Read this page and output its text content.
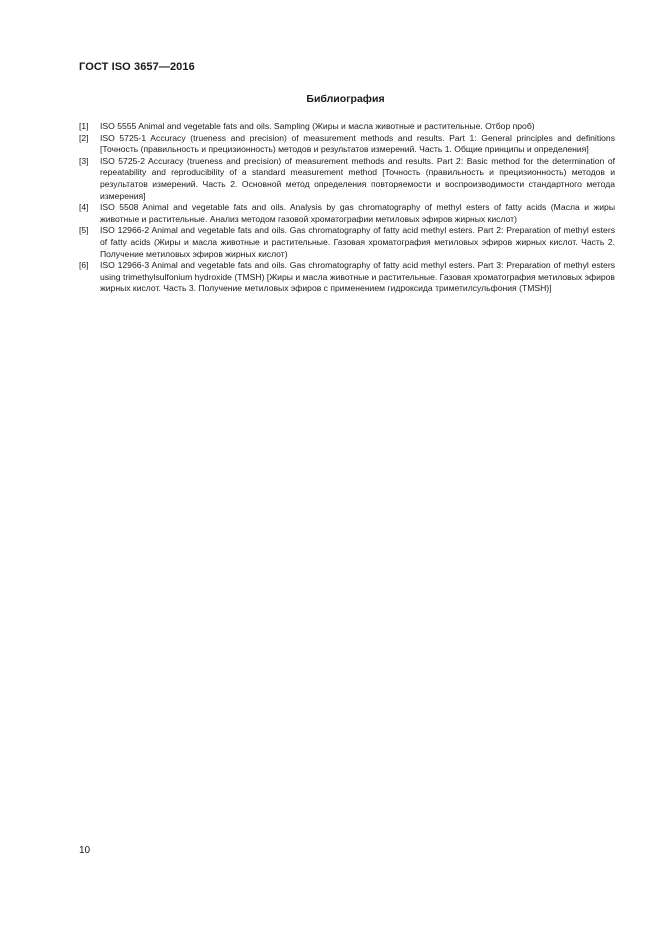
ГОСТ ISO 3657—2016
Библиография

[1] ISO 5555 Animal and vegetable fats and oils. Sampling (Жиры и масла животные и растительные. Отбор проб)

[2] ISO 5725-1 Accuracy (trueness and precision) of measurement methods and results. Part 1: General principles and definitions [Точность (правильность и прецизионность) методов и результатов измерений. Часть 1. Общие принципы и определения]

[3] ISO 5725-2 Accuracy (trueness and precision) of measurement methods and results. Part 2: Basic method for the determination of repeatability and reproducibility of a standard measurement method [Точность (правильность и прецизионность) методов и результатов измерений. Часть 2. Основной метод определения повторяемости и воспроизводимости стандартного метода измерения]

[4] ISO 5508 Animal and vegetable fats and oils. Analysis by gas chromatography of methyl esters of fatty acids (Масла и жиры животные и растительные. Анализ методом газовой хроматографии метиловых эфиров жирных кислот)

[5] ISO 12966-2 Animal and vegetable fats and oils. Gas chromatography of fatty acid methyl esters. Part 2: Preparation of methyl esters of fatty acids (Жиры и масла животные и растительные. Газовая хроматография метиловых эфиров жирных кислот. Часть 2. Получение метиловых эфиров жирных кислот)

[6] ISO 12966-3 Animal and vegetable fats and oils. Gas chromatography of fatty acid methyl esters. Part 3: Preparation of methyl esters using trimethylsulfonium hydroxide (TMSH) [Жиры и масла животные и растительные. Газовая хроматография метиловых эфиров жирных кислот. Часть 3. Получение метиловых эфиров с применением гидроксида триметилсульфония (TMSH)]

10
